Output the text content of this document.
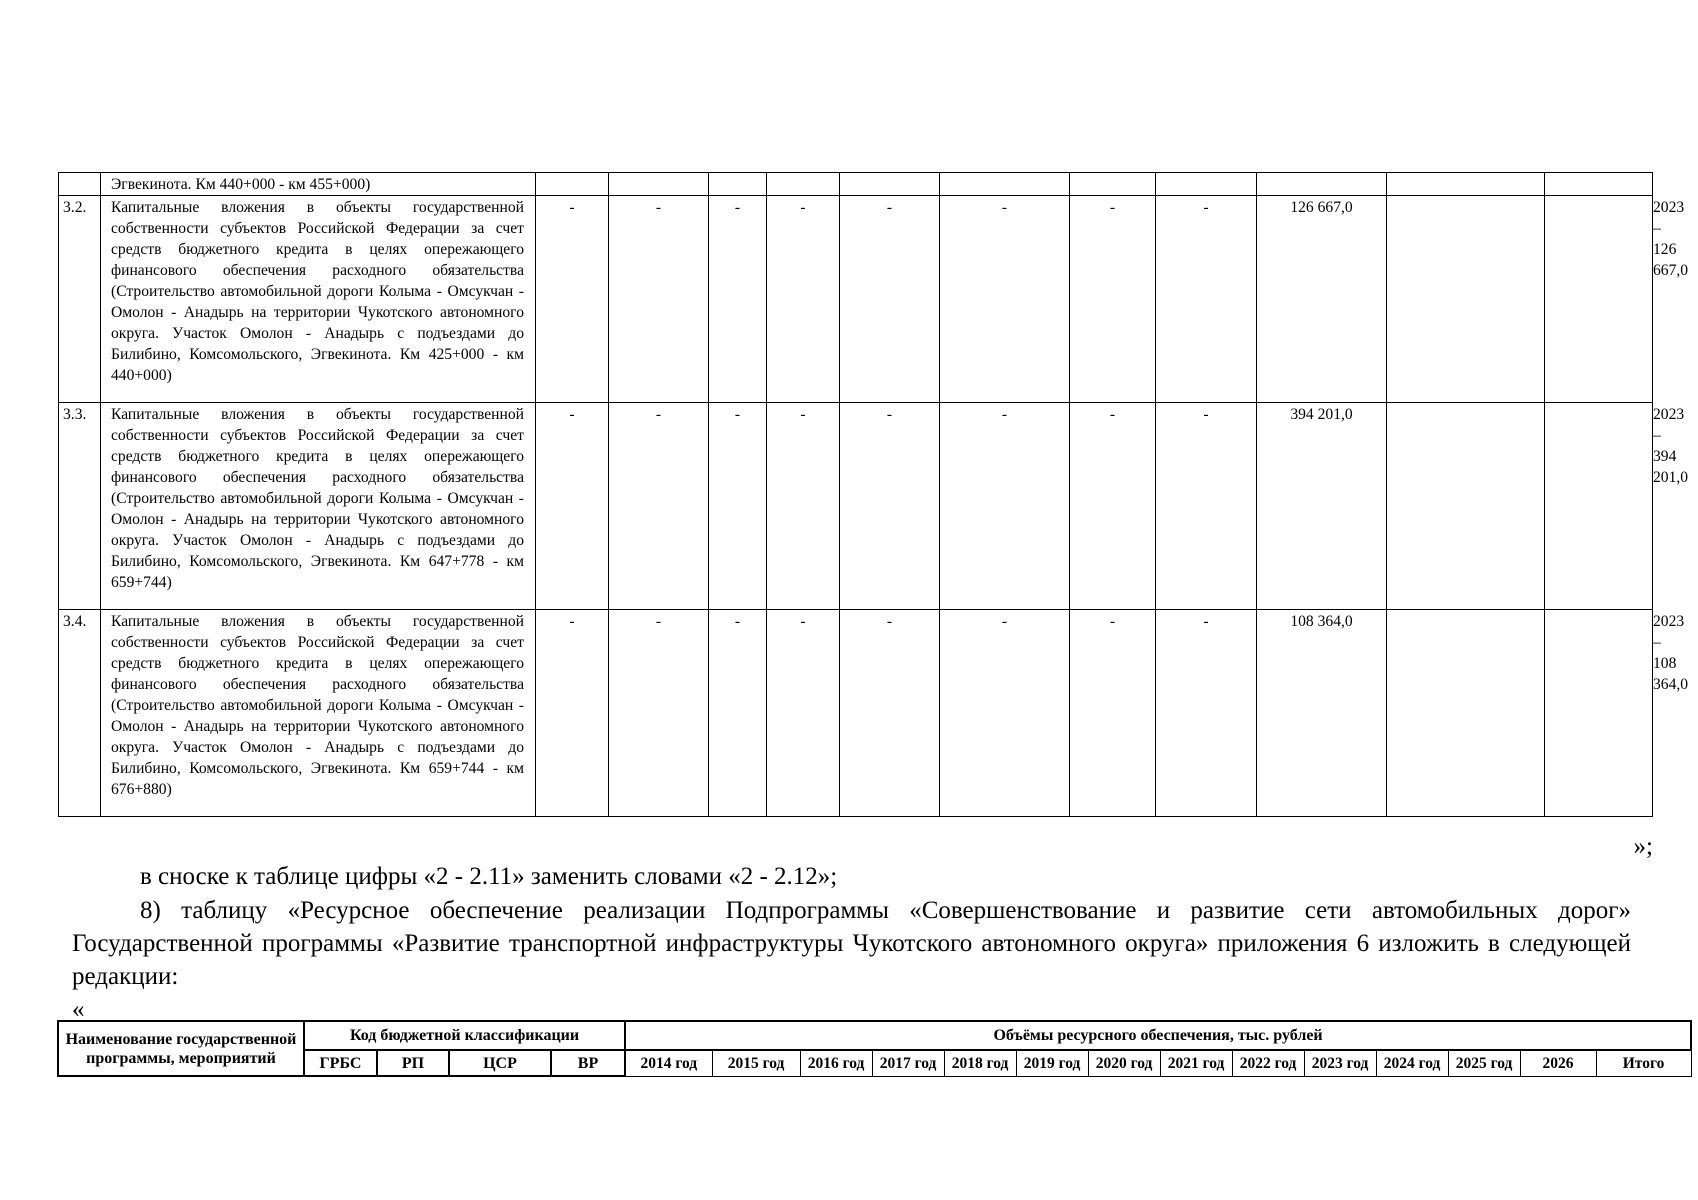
	Эгвекинота. Км 440+000 - км 455+000)												
3.2.	Капитальные вложения в объекты государственной собственности субъектов Российской Федерации за счет средств бюджетного кредита в целях опережающего финансового обеспечения расходного обязательства (Строительство автомобильной дороги Колыма - Омсукчан - Омолон - Анадырь на территории Чукотского автономного округа. Участок Омолон - Анадырь с подъездами до Билибино, Комсомольского, Эгвекинота. Км 425+000 - км 440+000)	-	-	-	-	-	-	-	-	126 667,0			2023 –
126 667,0

3.3.	Капитальные вложения в объекты государственной собственности субъектов Российской Федерации за счет средств бюджетного кредита в целях опережающего финансового обеспечения расходного обязательства (Строительство автомобильной дороги Колыма - Омсукчан - Омолон - Анадырь на территории Чукотского автономного округа. Участок Омолон - Анадырь с подъездами до Билибино, Комсомольского, Эгвекинота. Км 647+778 - км 659+744)	-	-	-	-	-	-	-	-	394 201,0			2023 –
394 201,0

3.4.	Капитальные вложения в объекты государственной собственности субъектов Российской Федерации за счет средств бюджетного кредита в целях опережающего финансового обеспечения расходного обязательства (Строительство автомобильной дороги Колыма - Омсукчан - Омолон - Анадырь на территории Чукотского автономного округа. Участок Омолон - Анадырь с подъездами до Билибино, Комсомольского, Эгвекинота. Км 659+744 - км 676+880)	-	-	-	-	-	-	-	-	108 364,0			2023 –
108 364,0
»;
в сноске к таблице цифры «2 - 2.11» заменить словами «2 - 2.12»;
8) таблицу «Ресурсное обеспечение реализации Подпрограммы «Совершенствование и развитие сети автомобильных дорог» Государственной программы «Развитие транспортной инфраструктуры Чукотского автономного округа» приложения 6 изложить в следующей редакции:
«
Наименование государственной программы, мероприятий	Код бюджетной классификации				Объёмы ресурсного обеспечения, тыс. рублей													
	ГРБС	РП	ЦСР	ВР														
					2014 год	2015 год	2016 год	2017 год	2018 год	2019 год	2020 год	2021 год	2022 год	2023 год	2024 год	2025 год	2026	Итого
